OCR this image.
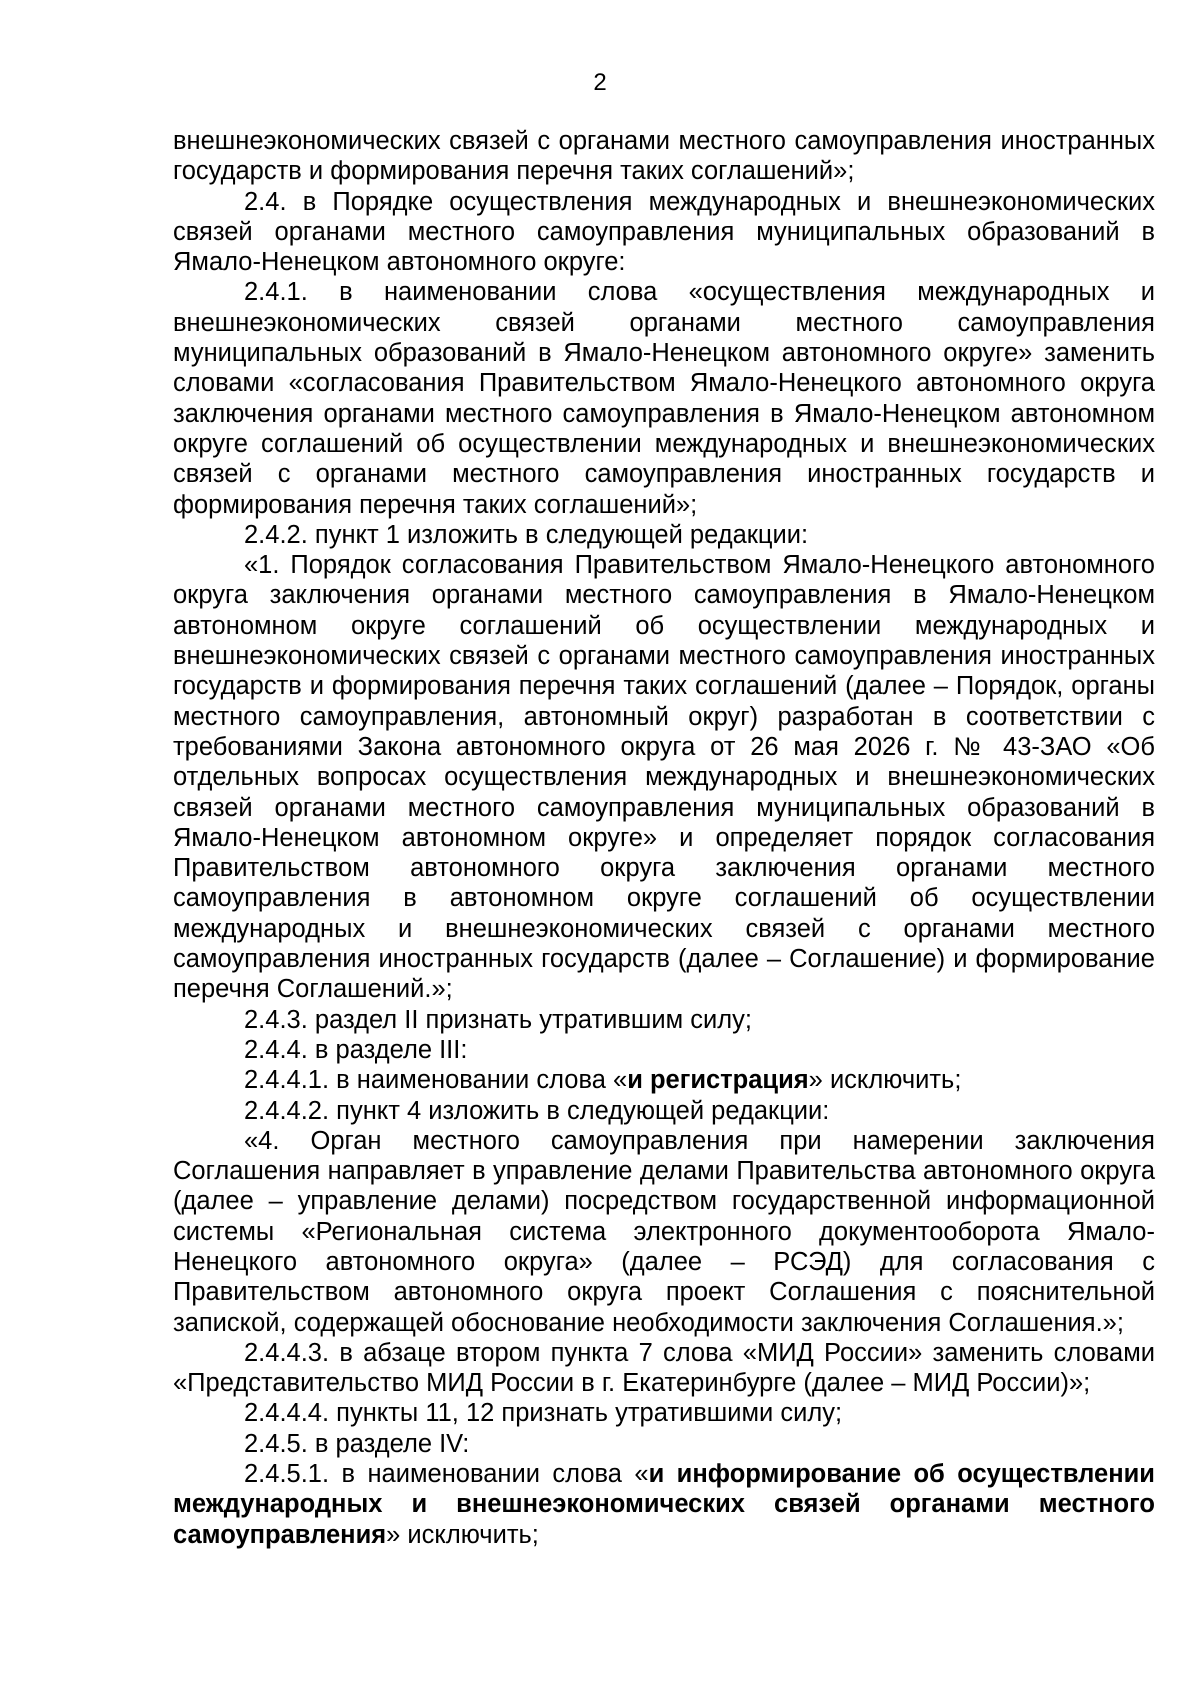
2

внешнеэкономических связей с органами местного самоуправления иностранных государств и формирования перечня таких соглашений»;

2.4. в Порядке осуществления международных и внешнеэкономических связей органами местного самоуправления муниципальных образований в Ямало-Ненецком автономного округе:

2.4.1. в наименовании слова «осуществления международных и внешнеэкономических связей органами местного самоуправления муниципальных образований в Ямало-Ненецком автономного округе» заменить словами «согласования Правительством Ямало-Ненецкого автономного округа заключения органами местного самоуправления в Ямало-Ненецком автономном округе соглашений об осуществлении международных и внешнеэкономических связей с органами местного самоуправления иностранных государств и формирования перечня таких соглашений»;

2.4.2. пункт 1 изложить в следующей редакции:

«1. Порядок согласования Правительством Ямало-Ненецкого автономного округа заключения органами местного самоуправления в Ямало-Ненецком автономном округе соглашений об осуществлении международных и внешнеэкономических связей с органами местного самоуправления иностранных государств и формирования перечня таких соглашений (далее – Порядок, органы местного самоуправления, автономный округ) разработан в соответствии с требованиями Закона автономного округа от 26 мая 2026 г. № 43-ЗАО «Об отдельных вопросах осуществления международных и внешнеэкономических связей органами местного самоуправления муниципальных образований в Ямало-Ненецком автономном округе» и определяет порядок согласования Правительством автономного округа заключения органами местного самоуправления в автономном округе соглашений об осуществлении международных и внешнеэкономических связей с органами местного самоуправления иностранных государств (далее – Соглашение) и формирование перечня Соглашений.»;

2.4.3. раздел II признать утратившим силу;

2.4.4. в разделе III:

2.4.4.1. в наименовании слова «и регистрация» исключить;

2.4.4.2. пункт 4 изложить в следующей редакции:

«4. Орган местного самоуправления при намерении заключения Соглашения направляет в управление делами Правительства автономного округа (далее – управление делами) посредством государственной информационной системы «Региональная система электронного документооборота Ямало-Ненецкого автономного округа» (далее – РСЭД) для согласования с Правительством автономного округа проект Соглашения с пояснительной запиской, содержащей обоснование необходимости заключения Соглашения.»;

2.4.4.3. в абзаце втором пункта 7 слова «МИД России» заменить словами «Представительство МИД России в г. Екатеринбурге (далее – МИД России)»;

2.4.4.4. пункты 11, 12 признать утратившими силу;

2.4.5. в разделе IV:

2.4.5.1. в наименовании слова «и информирование об осуществлении международных и внешнеэкономических связей органами местного самоуправления» исключить;
